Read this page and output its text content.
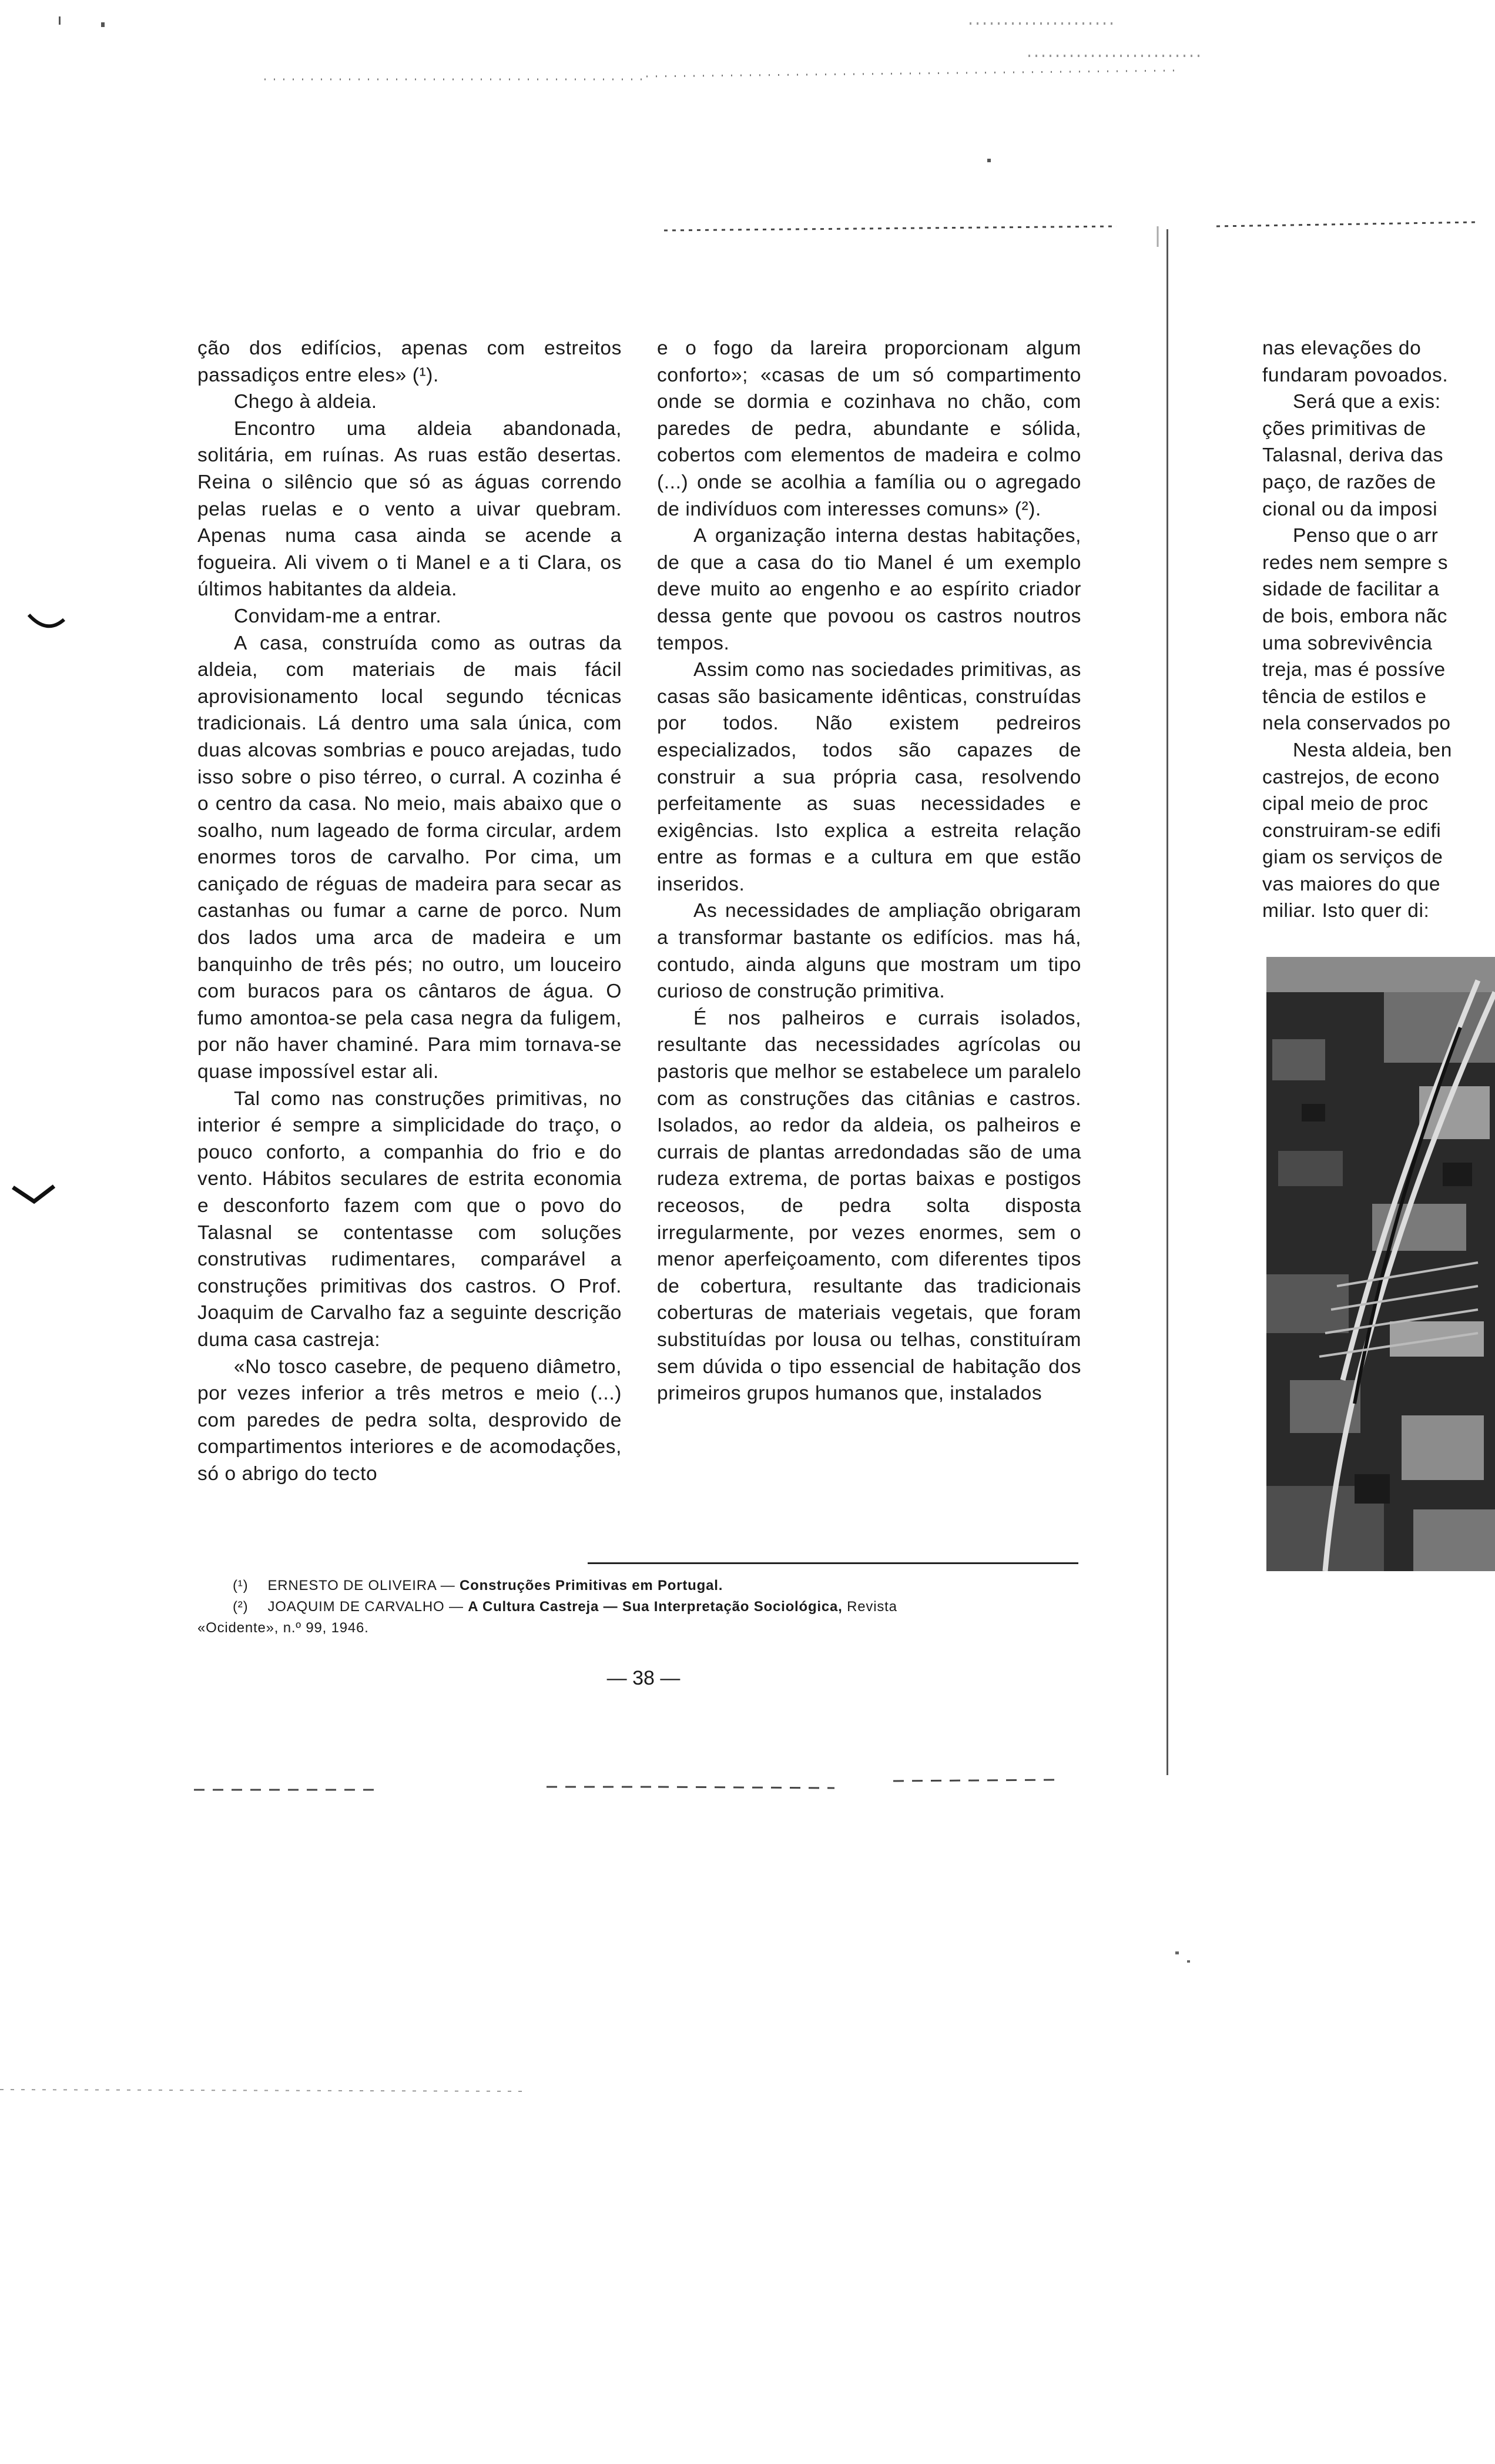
ção dos edifícios, apenas com estreitos passadiços entre eles» (¹).

Chego à aldeia.

Encontro uma aldeia abandonada, solitária, em ruínas. As ruas estão desertas. Reina o silêncio que só as águas correndo pelas ruelas e o vento a uivar quebram. Apenas numa casa ainda se acende a fogueira. Ali vivem o ti Manel e a ti Clara, os últimos habitantes da aldeia.

Convidam-me a entrar.

A casa, construída como as outras da aldeia, com materiais de mais fácil aprovisionamento local segundo técnicas tradicionais. Lá dentro uma sala única, com duas alcovas sombrias e pouco arejadas, tudo isso sobre o piso térreo, o curral. A cozinha é o centro da casa. No meio, mais abaixo que o soalho, num lageado de forma circular, ardem enormes toros de carvalho. Por cima, um caniçado de réguas de madeira para secar as castanhas ou fumar a carne de porco. Num dos lados uma arca de madeira e um banquinho de três pés; no outro, um louceiro com buracos para os cântaros de água. O fumo amontoa-se pela casa negra da fuligem, por não haver chaminé. Para mim tornava-se quase impossível estar ali.

Tal como nas construções primitivas, no interior é sempre a simplicidade do traço, o pouco conforto, a companhia do frio e do vento. Hábitos seculares de estrita economia e desconforto fazem com que o povo do Talasnal se contentasse com soluções construtivas rudimentares, comparável a construções primitivas dos castros. O Prof. Joaquim de Carvalho faz a seguinte descrição duma casa castreja:

«No tosco casebre, de pequeno diâmetro, por vezes inferior a três metros e meio (...) com paredes de pedra solta, desprovido de compartimentos interiores e de acomodações, só o abrigo do tecto

e o fogo da lareira proporcionam algum conforto»; «casas de um só compartimento onde se dormia e cozinhava no chão, com paredes de pedra, abundante e sólida, cobertos com elementos de madeira e colmo (...) onde se acolhia a família ou o agregado de indivíduos com interesses comuns» (²).

A organização interna destas habitações, de que a casa do tio Manel é um exemplo deve muito ao engenho e ao espírito criador dessa gente que povoou os castros noutros tempos.

Assim como nas sociedades primitivas, as casas são basicamente idênticas, construídas por todos. Não existem pedreiros especializados, todos são capazes de construir a sua própria casa, resolvendo perfeitamente as suas necessidades e exigências. Isto explica a estreita relação entre as formas e a cultura em que estão inseridos.

As necessidades de ampliação obrigaram a transformar bastante os edifícios. mas há, contudo, ainda alguns que mostram um tipo curioso de construção primitiva.

É nos palheiros e currais isolados, resultante das necessidades agrícolas ou pastoris que melhor se estabelece um paralelo com as construções das citânias e castros. Isolados, ao redor da aldeia, os palheiros e currais de plantas arredondadas são de uma rudeza extrema, de portas baixas e postigos receosos, de pedra solta disposta irregularmente, por vezes enormes, sem o menor aperfeiçoamento, com diferentes tipos de cobertura, resultante das tradicionais coberturas de materiais vegetais, que foram substituídas por lousa ou telhas, constituíram sem dúvida o tipo essencial de habitação dos primeiros grupos humanos que, instalados

nas elevações do

fundaram povoados.

Será que a exis:

ções primitivas de

Talasnal, deriva das

paço, de razões de

cional ou da imposi

Penso que o arr

redes nem sempre s

sidade de facilitar a

de bois, embora nãc

uma sobrevivência

treja, mas é possíve

tência de estilos e

nela conservados po

Nesta aldeia, ben

castrejos, de econo

cipal meio de proc

construiram-se edifi

giam os serviços de

vas maiores do que

miliar. Isto quer di:

(¹) ERNESTO DE OLIVEIRA — Construções Primitivas em Portugal.

(²) JOAQUIM DE CARVALHO — A Cultura Castreja — Sua Interpretação Sociológica, Revista

«Ocidente», n.º 99, 1946.

— 38 —
